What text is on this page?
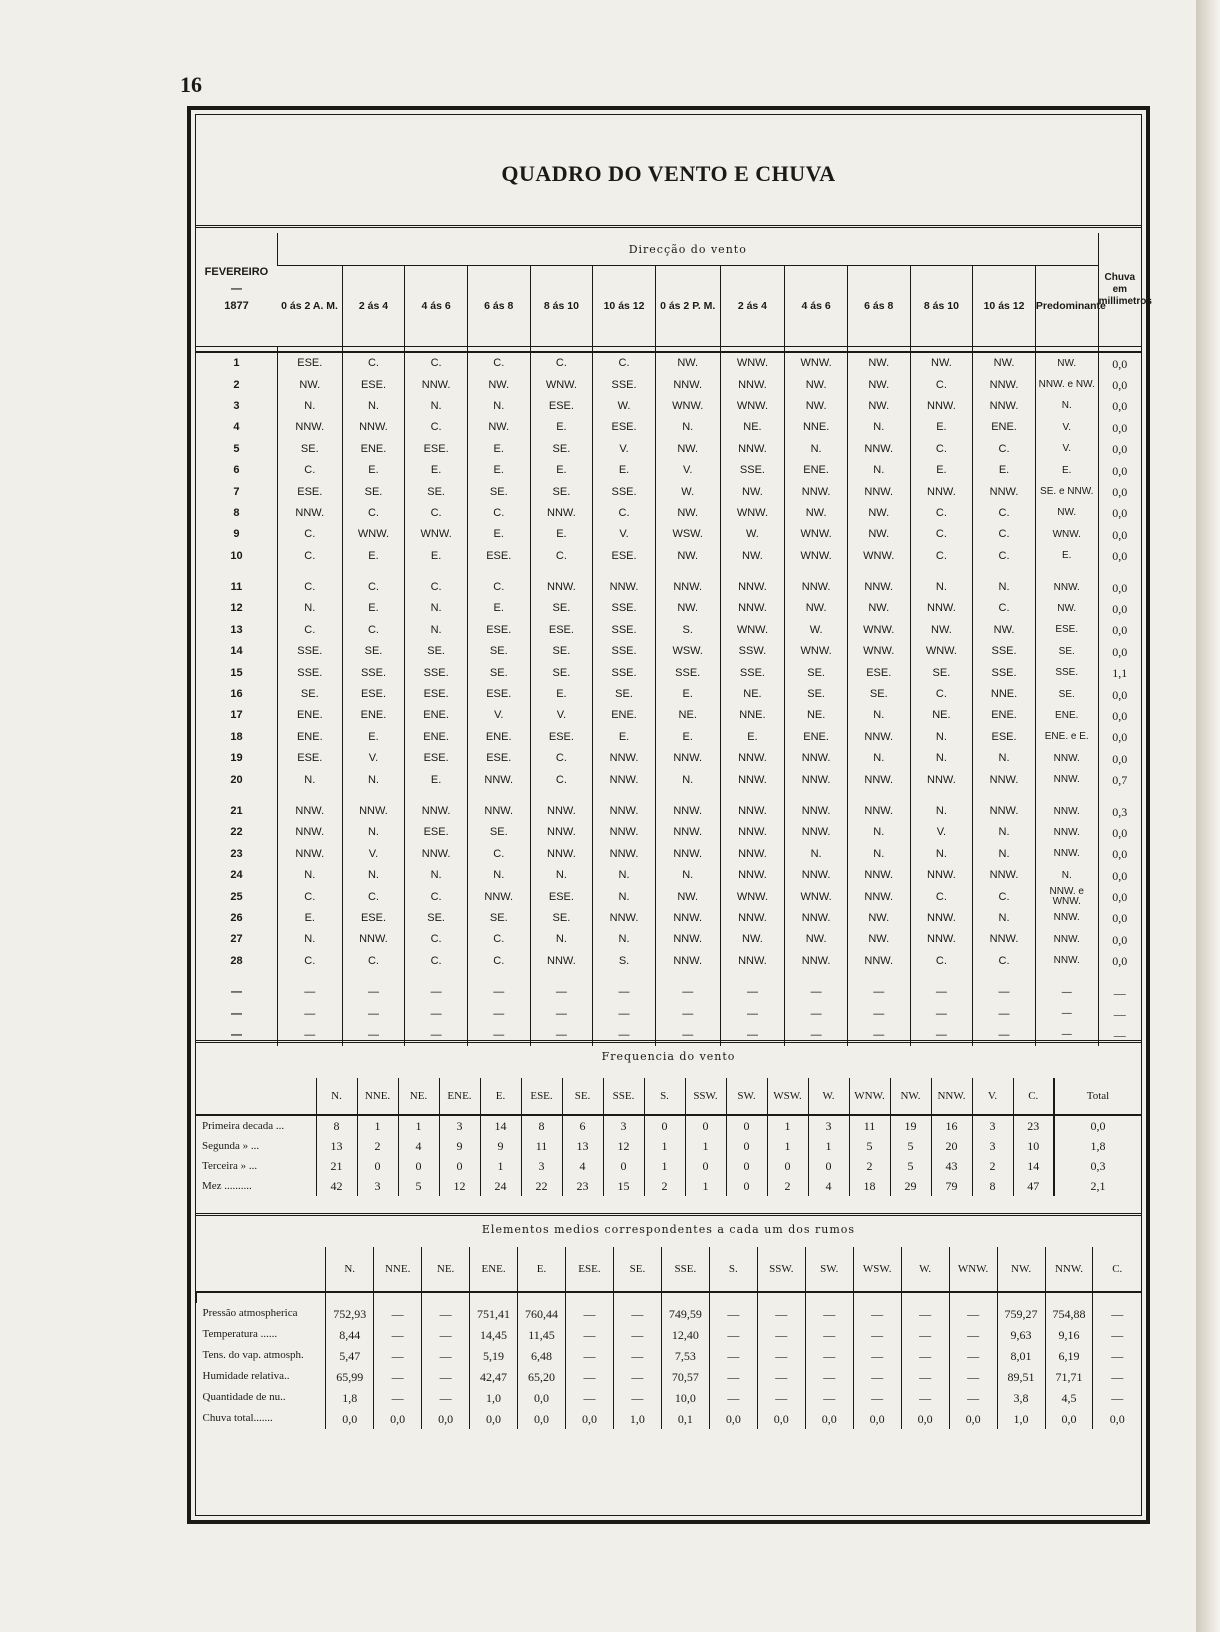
16
QUADRO DO VENTO E CHUVA
FEVEREIRO
—
1877	Direcção do vento													Chuva em millimetros

	0 ás 2 A. M.	2 ás 4	4 ás 6	6 ás 8	8 ás 10	10 ás 12	0 ás 2 P. M.	2 ás 4	4 ás 6	6 ás 8	8 ás 10	10 ás 12	Predominante	

1	ESE.	C.	C.	C.	C.	C.	NW.	WNW.	WNW.	NW.	NW.	NW.	NW.	0,0
2	NW.	ESE.	NNW.	NW.	WNW.	SSE.	NNW.	NNW.	NW.	NW.	C.	NNW.	NNW. e NW.	0,0
3	N.	N.	N.	N.	ESE.	W.	WNW.	WNW.	NW.	NW.	NNW.	NNW.	N.	0,0
4	NNW.	NNW.	C.	NW.	E.	ESE.	N.	NE.	NNE.	N.	E.	ENE.	V.	0,0
5	SE.	ENE.	ESE.	E.	SE.	V.	NW.	NNW.	N.	NNW.	C.	C.	V.	0,0
6	C.	E.	E.	E.	E.	E.	V.	SSE.	ENE.	N.	E.	E.	E.	0,0
7	ESE.	SE.	SE.	SE.	SE.	SSE.	W.	NW.	NNW.	NNW.	NNW.	NNW.	SE. e NNW.	0,0
8	NNW.	C.	C.	C.	NNW.	C.	NW.	WNW.	NW.	NW.	C.	C.	NW.	0,0
9	C.	WNW.	WNW.	E.	E.	V.	WSW.	W.	WNW.	NW.	C.	C.	WNW.	0,0
10	C.	E.	E.	ESE.	C.	ESE.	NW.	NW.	WNW.	WNW.	C.	C.	E.	0,0

11	C.	C.	C.	C.	NNW.	NNW.	NNW.	NNW.	NNW.	NNW.	N.	N.	NNW.	0,0
12	N.	E.	N.	E.	SE.	SSE.	NW.	NNW.	NW.	NW.	NNW.	C.	NW.	0,0
13	C.	C.	N.	ESE.	ESE.	SSE.	S.	WNW.	W.	WNW.	NW.	NW.	ESE.	0,0
14	SSE.	SE.	SE.	SE.	SE.	SSE.	WSW.	SSW.	WNW.	WNW.	WNW.	SSE.	SE.	0,0
15	SSE.	SSE.	SSE.	SE.	SE.	SSE.	SSE.	SSE.	SE.	ESE.	SE.	SSE.	SSE.	1,1
16	SE.	ESE.	ESE.	ESE.	E.	SE.	E.	NE.	SE.	SE.	C.	NNE.	SE.	0,0
17	ENE.	ENE.	ENE.	V.	V.	ENE.	NE.	NNE.	NE.	N.	NE.	ENE.	ENE.	0,0
18	ENE.	E.	ENE.	ENE.	ESE.	E.	E.	E.	ENE.	NNW.	N.	ESE.	ENE. e E.	0,0
19	ESE.	V.	ESE.	ESE.	C.	NNW.	NNW.	NNW.	NNW.	N.	N.	N.	NNW.	0,0
20	N.	N.	E.	NNW.	C.	NNW.	N.	NNW.	NNW.	NNW.	NNW.	NNW.	NNW.	0,7

21	NNW.	NNW.	NNW.	NNW.	NNW.	NNW.	NNW.	NNW.	NNW.	NNW.	N.	NNW.	NNW.	0,3
22	NNW.	N.	ESE.	SE.	NNW.	NNW.	NNW.	NNW.	NNW.	N.	V.	N.	NNW.	0,0
23	NNW.	V.	NNW.	C.	NNW.	NNW.	NNW.	NNW.	N.	N.	N.	N.	NNW.	0,0
24	N.	N.	N.	N.	N.	N.	N.	NNW.	NNW.	NNW.	NNW.	NNW.	N.	0,0
25	C.	C.	C.	NNW.	ESE.	N.	NW.	WNW.	WNW.	NNW.	C.	C.	NNW. e WNW.	0,0
26	E.	ESE.	SE.	SE.	SE.	NNW.	NNW.	NNW.	NNW.	NW.	NNW.	N.	NNW.	0,0
27	N.	NNW.	C.	C.	N.	N.	NNW.	NW.	NW.	NW.	NNW.	NNW.	NNW.	0,0
28	C.	C.	C.	C.	NNW.	S.	NNW.	NNW.	NNW.	NNW.	C.	C.	NNW.	0,0

—	—	—	—	—	—	—	—	—	—	—	—	—	—	—
—	—	—	—	—	—	—	—	—	—	—	—	—	—	—
—	—	—	—	—	—	—	—	—	—	—	—	—	—	—
Frequencia do vento
	N.	NNE.	NE.	ENE.	E.	ESE.	SE.	SSE.	S.	SSW.	SW.	WSW.	W.	WNW.	NW.	NNW.	V.	C.	Total
Primeira decada ...	8	1	1	3	14	8	6	3	0	0	0	1	3	11	19	16	3	23	0,0
Segunda » ...	13	2	4	9	9	11	13	12	1	1	0	1	1	5	5	20	3	10	1,8
Terceira » ...	21	0	0	0	1	3	4	0	1	0	0	0	0	2	5	43	2	14	0,3
Mez ..........	42	3	5	12	24	22	23	15	2	1	0	2	4	18	29	79	8	47	2,1
Elementos medios correspondentes a cada um dos rumos
	N.	NNE.	NE.	ENE.	E.	ESE.	SE.	SSE.	S.	SSW.	SW.	WSW.	W.	WNW.	NW.	NNW.	C.

Pressão atmospherica	752,93	—	—	751,41	760,44	—	—	749,59	—	—	—	—	—	—	759,27	754,88	—
Temperatura ......	8,44	—	—	14,45	11,45	—	—	12,40	—	—	—	—	—	—	9,63	9,16	—
Tens. do vap. atmosph.	5,47	—	—	5,19	6,48	—	—	7,53	—	—	—	—	—	—	8,01	6,19	—
Humidade relativa..	65,99	—	—	42,47	65,20	—	—	70,57	—	—	—	—	—	—	89,51	71,71	—
Quantidade de nu..	1,8	—	—	1,0	0,0	—	—	10,0	—	—	—	—	—	—	3,8	4,5	—
Chuva total.......	0,0	0,0	0,0	0,0	0,0	0,0	1,0	0,1	0,0	0,0	0,0	0,0	0,0	0,0	1,0	0,0	0,0
